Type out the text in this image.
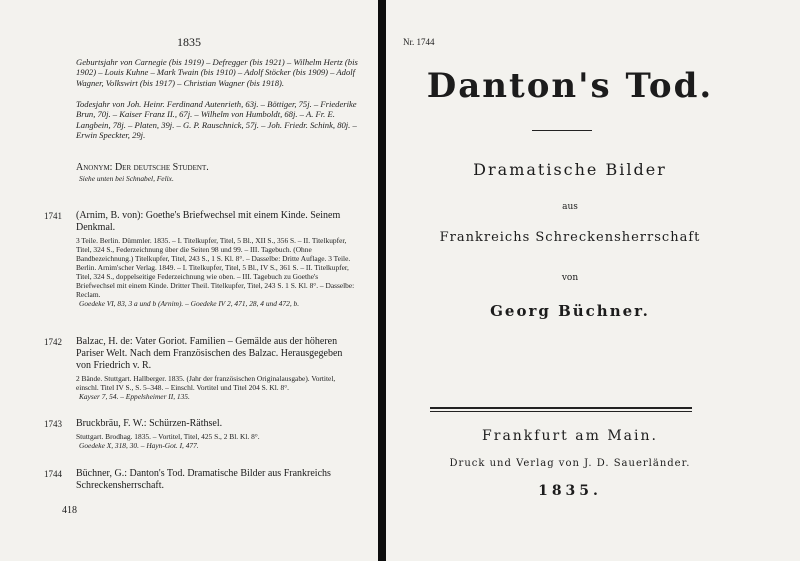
1835
Geburtsjahr von Carnegie (bis 1919) – Defregger (bis 1921) – Wilhelm Hertz (bis 1902) – Louis Kuhne – Mark Twain (bis 1910) – Adolf Stöcker (bis 1909) – Adolf Wagner, Volkswirt (bis 1917) – Christian Wagner (bis 1918).
Todesjahr von Joh. Heinr. Ferdinand Autenrieth, 63j. – Böttiger, 75j. – Friederike Brun, 70j. – Kaiser Franz II., 67j. – Wilhelm von Humboldt, 68j. – A. Fr. E. Langbein, 78j. – Platen, 39j. – G. P. Rauschnick, 57j. – Joh. Friedr. Schink, 80j. – Erwin Speckter, 29j.
Anonym: Der deutsche Student.
Siehe unten bei Schnabel, Felix.
1741 (Arnim, B. von): Goethe's Briefwechsel mit einem Kinde. Seinem Denkmal.
3 Teile. Berlin. Dümmler. 1835. – I. Titelkupfer, Titel, 5 Bl., XII S., 356 S. – II. Titelkupfer, Titel, 324 S., Federzeichnung über die Seiten 98 und 99. – III. Tagebuch. (Ohne Bandbezeichnung.) Titelkupfer, Titel, 243 S., 1 S. Kl. 8°. – Dasselbe: Dritte Auflage. 3 Teile. Berlin. Arnim'scher Verlag. 1849. – I. Titelkupfer, Titel, 5 Bl., IV S., 361 S. – II. Titelkupfer, Titel, 324 S., doppelseitige Federzeichnung wie oben. – III. Tagebuch zu Goethe's Briefwechsel mit einem Kinde. Dritter Theil. Titelkupfer, Titel, 243 S. 1 S. Kl. 8°. – Dasselbe: Reclam.
Goedeke VI, 83, 3 a und b (Arnim). – Goedeke IV 2, 471, 28, 4 und 472, b.
1742 Balzac, H. de: Vater Goriot. Familien – Gemälde aus der höheren Pariser Welt. Nach dem Französischen des Balzac. Herausgegeben von Friedrich v. R.
2 Bände. Stuttgart. Hallberger. 1835. (Jahr der französischen Originalausgabe). Vortitel, einschl. Titel IV S., S. 5–348. – Einschl. Vortitel und Titel 204 S. Kl. 8°.
Kayser 7, 54. – Eppelsheimer II, 135.
1743 Bruckbräu, F. W.: Schürzen-Räthsel.
Stuttgart. Brodhag. 1835. – Vortitel, Titel, 425 S., 2 Bl. Kl. 8°.
Goedeke X, 318, 30. – Hayn-Got. I, 477.
1744 Büchner, G.: Danton's Tod. Dramatische Bilder aus Frankreichs Schreckensherrschaft.
418
Nr. 1744
Danton's Tod.
Dramatische Bilder
aus
Frankreichs Schreckensherrschaft
von
Georg Büchner.
Frankfurt am Main.
Druck und Verlag von J. D. Sauerländer.
1835.
